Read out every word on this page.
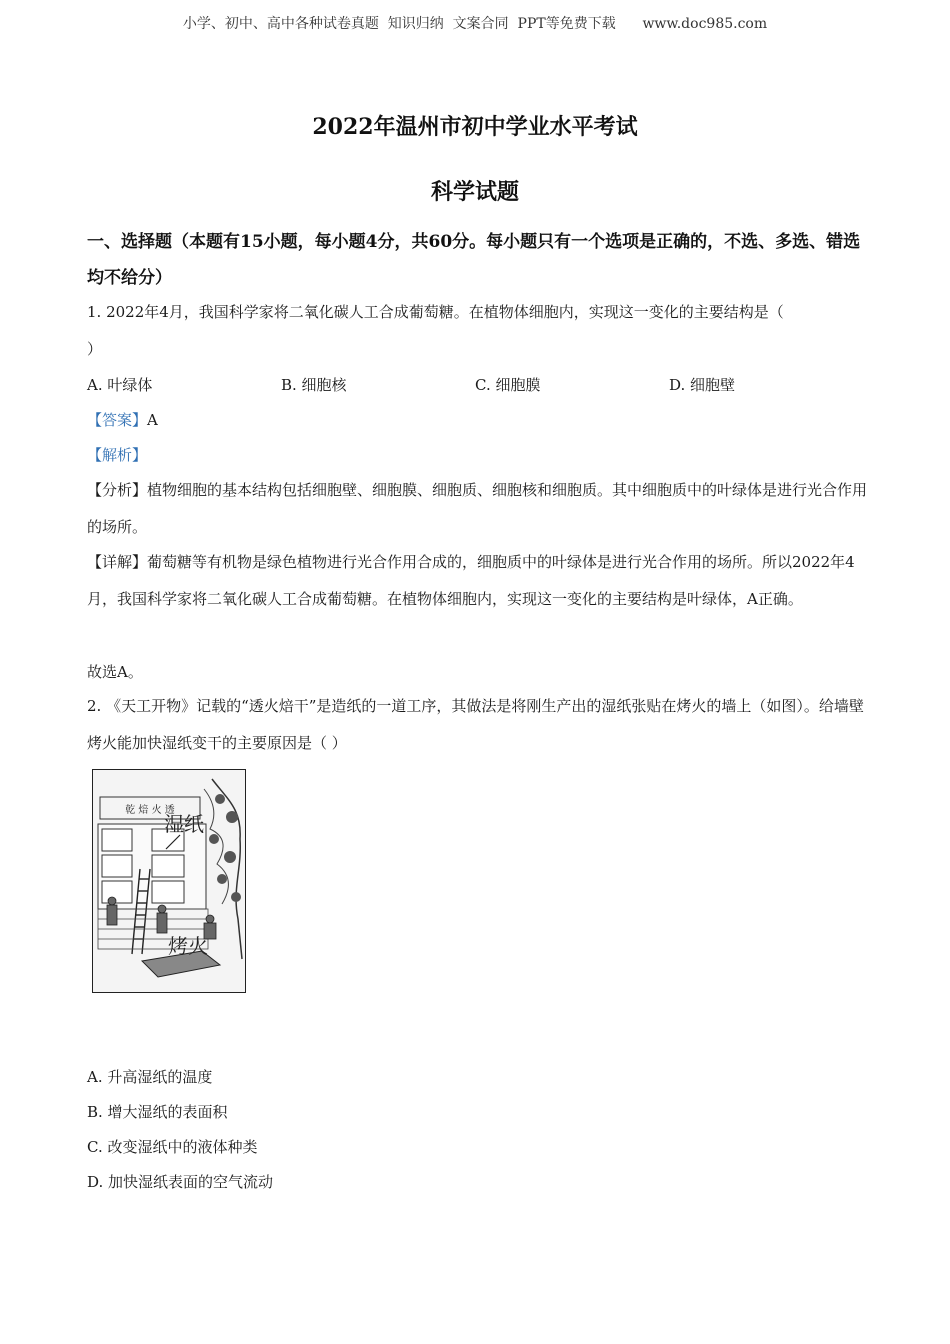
小学、初中、高中各种试卷真题  知识归纳  文案合同  PPT等免费下载      www.doc985.com
2022年温州市初中学业水平考试
科学试题
一、选择题（本题有15小题，每小题4分，共60分。每小题只有一个选项是正确的，不选、多选、错选均不给分）
1. 2022年4月，我国科学家将二氧化碳人工合成葡萄糖。在植物体细胞内，实现这一变化的主要结构是（
）
A. 叶绿体	B. 细胞核	C. 细胞膜	D. 细胞壁
【答案】A
【解析】
【分析】植物细胞的基本结构包括细胞壁、细胞膜、细胞质、细胞核和细胞质。其中细胞质中的叶绿体是进行光合作用的场所。
【详解】葡萄糖等有机物是绿色植物进行光合作用合成的，细胞质中的叶绿体是进行光合作用的场所。所以2022年4月，我国科学家将二氧化碳人工合成葡萄糖。在植物体细胞内，实现这一变化的主要结构是叶绿体，A正确。
故选A。
2. 《天工开物》记载的“透火焙干”是造纸的一道工序，其做法是将刚生产出的湿纸张贴在烤火的墙上（如图）。给墙壁烤火能加快湿纸变干的主要原因是（ ）
乾 焙 火 透
湿纸
烤火
A. 升高湿纸的温度
B. 增大湿纸的表面积
C. 改变湿纸中的液体种类
D. 加快湿纸表面的空气流动
